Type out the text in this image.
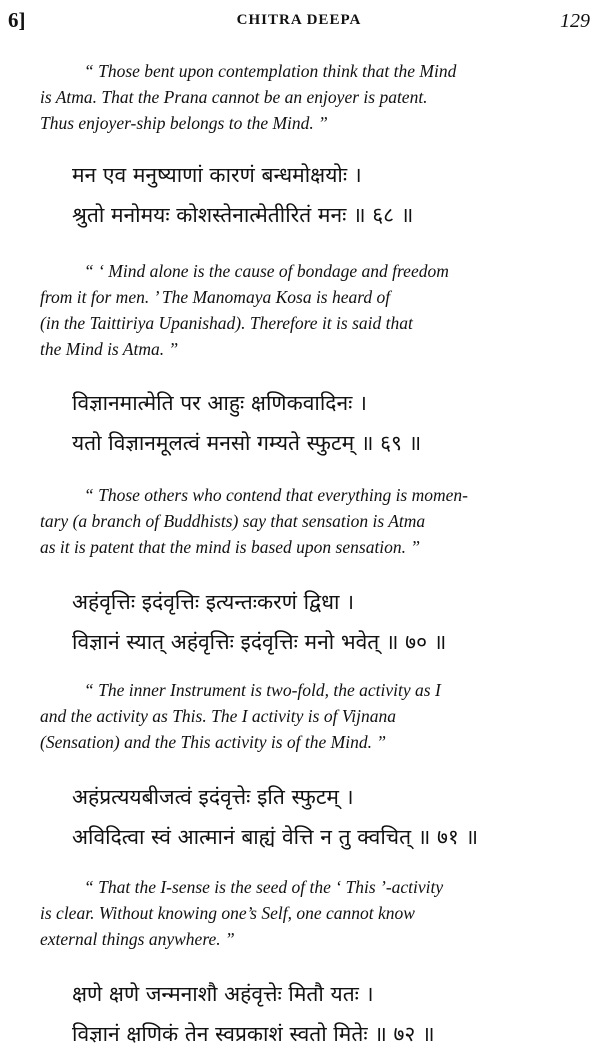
6]	CHITRA DEEPA	129
“ Those bent upon contemplation think that the Mind
is Atma. That the Prana cannot be an enjoyer is patent.
Thus enjoyer-ship belongs to the Mind. ”
मन एव मनुष्याणां कारणं बन्धमोक्षयोः ।
श्रुतो मनोमयः कोशस्तेनात्मेतीरितं मनः ॥ ६८ ॥
“ ‘ Mind alone is the cause of bondage and freedom
from it for men. ’ The Manomaya Kosa is heard of
(in the Taittiriya Upanishad). Therefore it is said that
the Mind is Atma. ”
विज्ञानमात्मेति पर आहुः क्षणिकवादिनः ।
यतो विज्ञानमूलत्वं मनसो गम्यते स्फुटम् ॥ ६९ ॥
“ Those others who contend that everything is momen-
tary (a branch of Buddhists) say that sensation is Atma
as it is patent that the mind is based upon sensation. ”
अहंवृत्तिः इदंवृत्तिः इत्यन्तःकरणं द्विधा ।
विज्ञानं स्यात् अहंवृत्तिः इदंवृत्तिः मनो भवेत् ॥ ७० ॥
“ The inner Instrument is two-fold, the activity as I
and the activity as This. The I activity is of Vijnana
(Sensation) and the This activity is of the Mind. ”
अहंप्रत्ययबीजत्वं इदंवृत्तेः इति स्फुटम् ।
अविदित्वा स्वं आत्मानं बाह्यं वेत्ति न तु क्वचित् ॥ ७१ ॥
“ That the I-sense is the seed of the ‘ This ’-activity
is clear. Without knowing one’s Self, one cannot know
external things anywhere. ”
क्षणे क्षणे जन्मनाशौ अहंवृत्तेः मितौ यतः ।
विज्ञानं क्षणिकं तेन स्वप्रकाशं स्वतो मितेः ॥ ७२ ॥
